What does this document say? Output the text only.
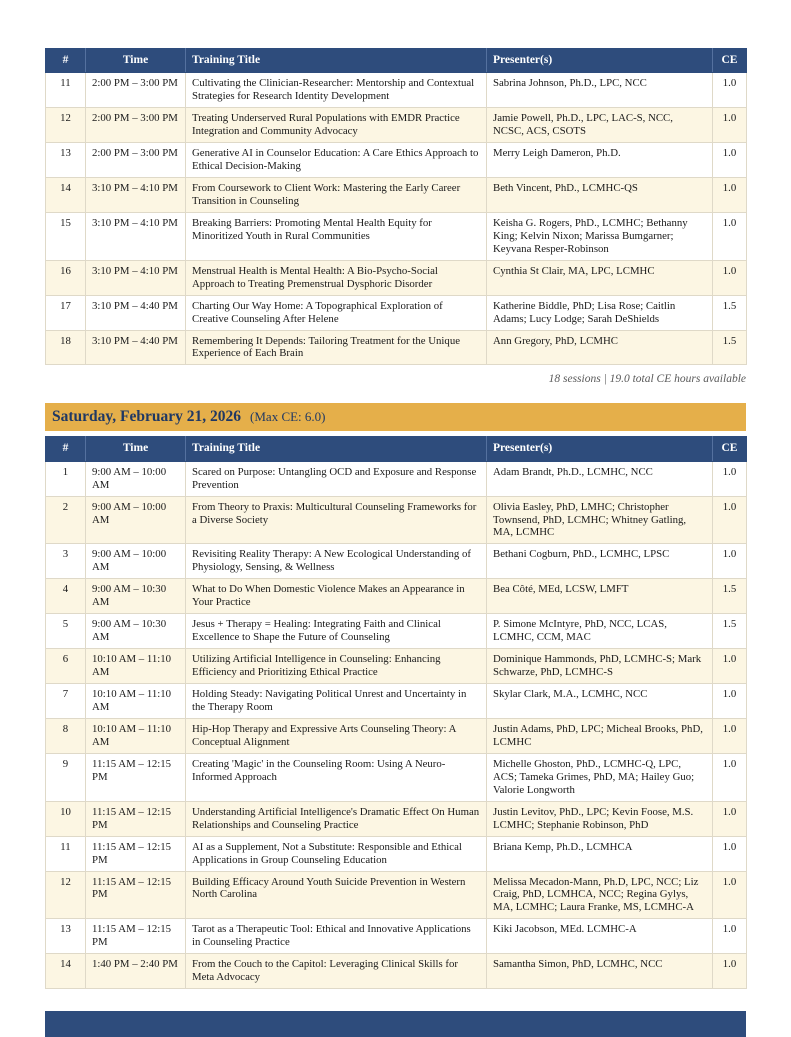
#	Time	Training Title	Presenter(s)	CE
11	2:00 PM – 3:00 PM	Cultivating the Clinician-Researcher: Mentorship and Contextual Strategies for Research Identity Development	Sabrina Johnson, Ph.D., LPC, NCC	1.0
12	2:00 PM – 3:00 PM	Treating Underserved Rural Populations with EMDR Practice Integration and Community Advocacy	Jamie Powell, Ph.D., LPC, LAC-S, NCC, NCSC, ACS, CSOTS	1.0
13	2:00 PM – 3:00 PM	Generative AI in Counselor Education: A Care Ethics Approach to Ethical Decision-Making	Merry Leigh Dameron, Ph.D.	1.0
14	3:10 PM – 4:10 PM	From Coursework to Client Work: Mastering the Early Career Transition in Counseling	Beth Vincent, PhD., LCMHC-QS	1.0
15	3:10 PM – 4:10 PM	Breaking Barriers: Promoting Mental Health Equity for Minoritized Youth in Rural Communities	Keisha G. Rogers, PhD., LCMHC; Bethanny King; Kelvin Nixon; Marissa Bumgarner; Keyvana Resper-Robinson	1.0
16	3:10 PM – 4:10 PM	Menstrual Health is Mental Health: A Bio-Psycho-Social Approach to Treating Premenstrual Dysphoric Disorder	Cynthia St Clair, MA, LPC, LCMHC	1.0
17	3:10 PM – 4:40 PM	Charting Our Way Home: A Topographical Exploration of Creative Counseling After Helene	Katherine Biddle, PhD; Lisa Rose; Caitlin Adams; Lucy Lodge; Sarah DeShields	1.5
18	3:10 PM – 4:40 PM	Remembering It Depends: Tailoring Treatment for the Unique Experience of Each Brain	Ann Gregory, PhD, LCMHC	1.5
18 sessions | 19.0 total CE hours available
Saturday, February 21, 2026 (Max CE: 6.0)
#	Time	Training Title	Presenter(s)	CE
1	9:00 AM – 10:00 AM	Scared on Purpose: Untangling OCD and Exposure and Response Prevention	Adam Brandt, Ph.D., LCMHC, NCC	1.0
2	9:00 AM – 10:00 AM	From Theory to Praxis: Multicultural Counseling Frameworks for a Diverse Society	Olivia Easley, PhD, LMHC; Christopher Townsend, PhD, LCMHC; Whitney Gatling, MA, LCMHC	1.0
3	9:00 AM – 10:00 AM	Revisiting Reality Therapy: A New Ecological Understanding of Physiology, Sensing, & Wellness	Bethani Cogburn, PhD., LCMHC, LPSC	1.0
4	9:00 AM – 10:30 AM	What to Do When Domestic Violence Makes an Appearance in Your Practice	Bea Côté, MEd, LCSW, LMFT	1.5
5	9:00 AM – 10:30 AM	Jesus + Therapy = Healing: Integrating Faith and Clinical Excellence to Shape the Future of Counseling	P. Simone McIntyre, PhD, NCC, LCAS, LCMHC, CCM, MAC	1.5
6	10:10 AM – 11:10 AM	Utilizing Artificial Intelligence in Counseling: Enhancing Efficiency and Prioritizing Ethical Practice	Dominique Hammonds, PhD, LCMHC-S; Mark Schwarze, PhD, LCMHC-S	1.0
7	10:10 AM – 11:10 AM	Holding Steady: Navigating Political Unrest and Uncertainty in the Therapy Room	Skylar Clark, M.A., LCMHC, NCC	1.0
8	10:10 AM – 11:10 AM	Hip-Hop Therapy and Expressive Arts Counseling Theory: A Conceptual Alignment	Justin Adams, PhD, LPC; Micheal Brooks, PhD, LCMHC	1.0
9	11:15 AM – 12:15 PM	Creating 'Magic' in the Counseling Room: Using A Neuro-Informed Approach	Michelle Ghoston, PhD., LCMHC-Q, LPC, ACS; Tameka Grimes, PhD, MA; Hailey Guo; Valorie Longworth	1.0
10	11:15 AM – 12:15 PM	Understanding Artificial Intelligence's Dramatic Effect On Human Relationships and Counseling Practice	Justin Levitov, PhD., LPC; Kevin Foose, M.S. LCMHC; Stephanie Robinson, PhD	1.0
11	11:15 AM – 12:15 PM	AI as a Supplement, Not a Substitute: Responsible and Ethical Applications in Group Counseling Education	Briana Kemp, Ph.D., LCMHCA	1.0
12	11:15 AM – 12:15 PM	Building Efficacy Around Youth Suicide Prevention in Western North Carolina	Melissa Mecadon-Mann, Ph.D, LPC, NCC; Liz Craig, PhD, LCMHCA, NCC; Regina Gylys, MA, LCMHC; Laura Franke, MS, LCMHC-A	1.0
13	11:15 AM – 12:15 PM	Tarot as a Therapeutic Tool: Ethical and Innovative Applications in Counseling Practice	Kiki Jacobson, MEd. LCMHC-A	1.0
14	1:40 PM – 2:40 PM	From the Couch to the Capitol: Leveraging Clinical Skills for Meta Advocacy	Samantha Simon, PhD, LCMHC, NCC	1.0
